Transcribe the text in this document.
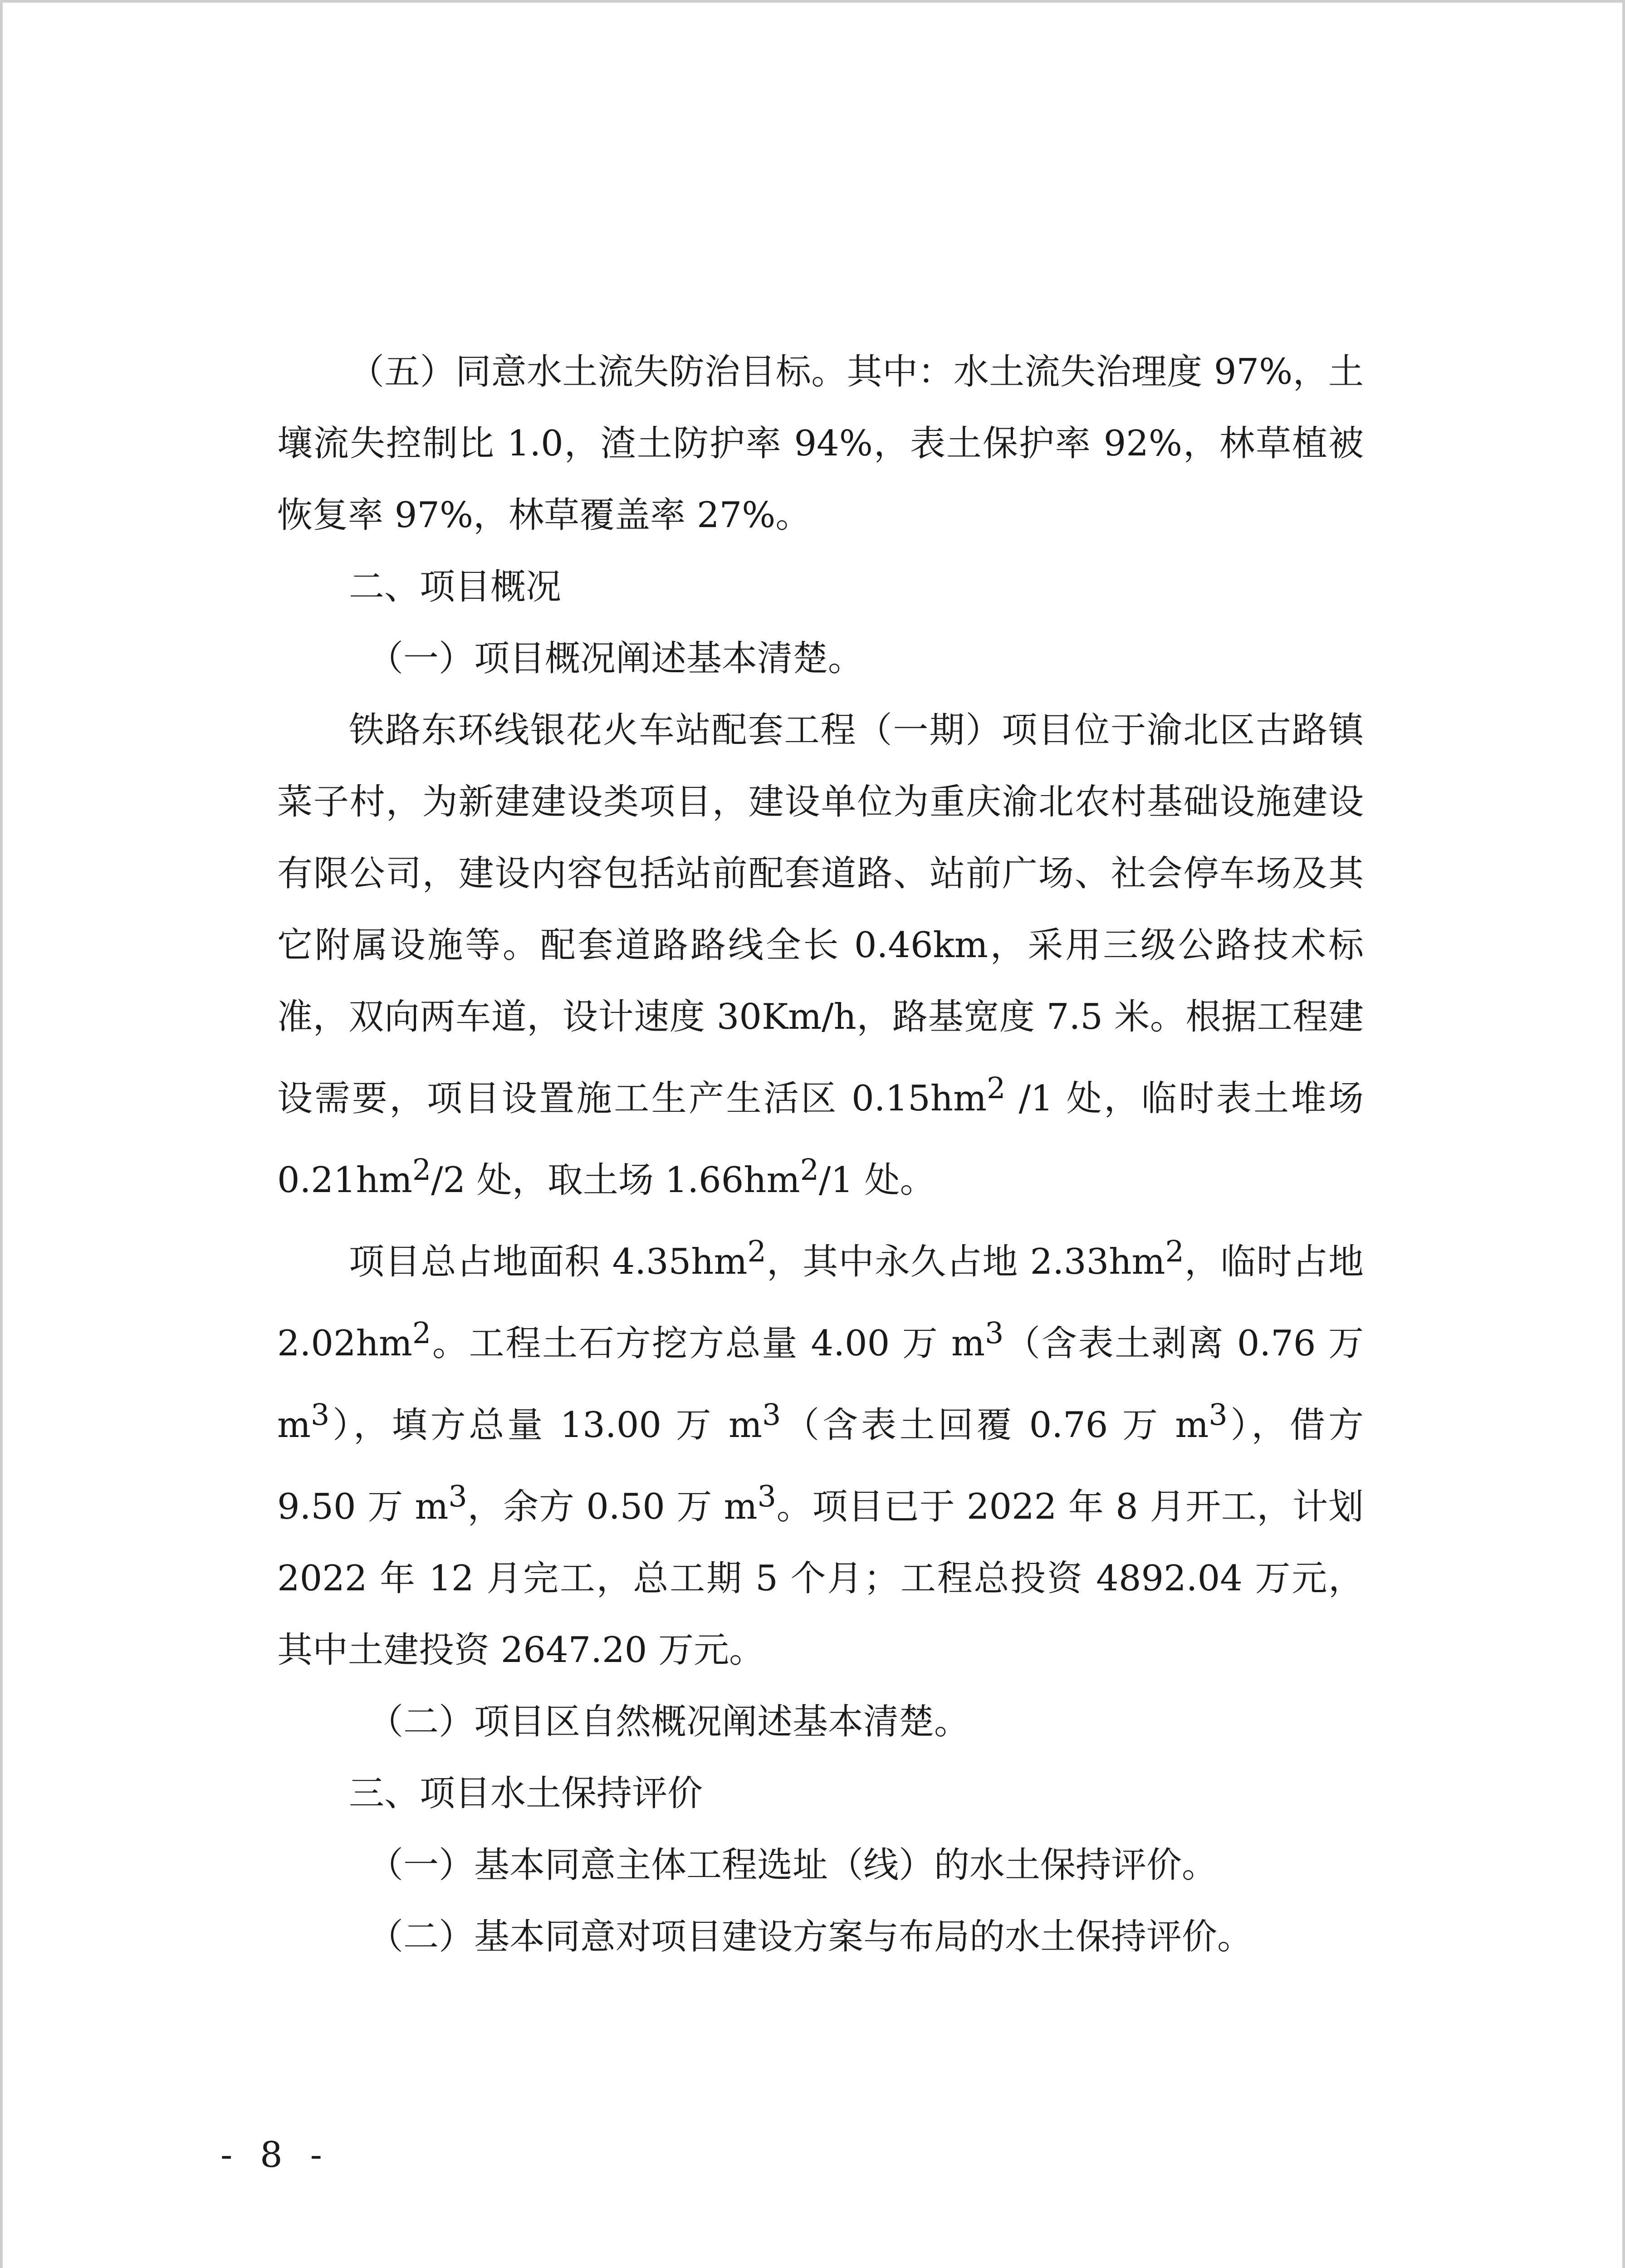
（五）同意水土流失防治目标。其中：水土流失治理度 97%，土壤流失控制比 1.0，渣土防护率 94%，表土保护率 92%，林草植被恢复率 97%，林草覆盖率 27%。

二、项目概况

（一）项目概况阐述基本清楚。

铁路东环线银花火车站配套工程（一期）项目位于渝北区古路镇菜子村，为新建建设类项目，建设单位为重庆渝北农村基础设施建设有限公司，建设内容包括站前配套道路、站前广场、社会停车场及其它附属设施等。配套道路路线全长 0.46km，采用三级公路技术标准，双向两车道，设计速度 30Km/h，路基宽度 7.5 米。根据工程建设需要，项目设置施工生产生活区 $0.15hm^2$ /1 处，临时表土堆场 $0.21hm^2/2$ 处，取土场 $1.66hm^2/1$ 处。

项目总占地面积 $4.35hm^2$，其中永久占地 $2.33hm^2$，临时占地 $2.02hm^2$。工程土石方挖方总量 4.00 万 $m^3$（含表土剥离 0.76 万 $m^3$），填方总量 13.00 万 $m^3$（含表土回覆 0.76 万 $m^3$），借方 9.50 万 $m^3$，余方 0.50 万 $m^3$。项目已于 2022 年 8 月开工，计划 2022 年 12 月完工，总工期 5 个月；工程总投资 4892.04 万元，其中土建投资 2647.20 万元。

（二）项目区自然概况阐述基本清楚。

三、项目水土保持评价

（一）基本同意主体工程选址（线）的水土保持评价。

（二）基本同意对项目建设方案与布局的水土保持评价。

- 8 -
